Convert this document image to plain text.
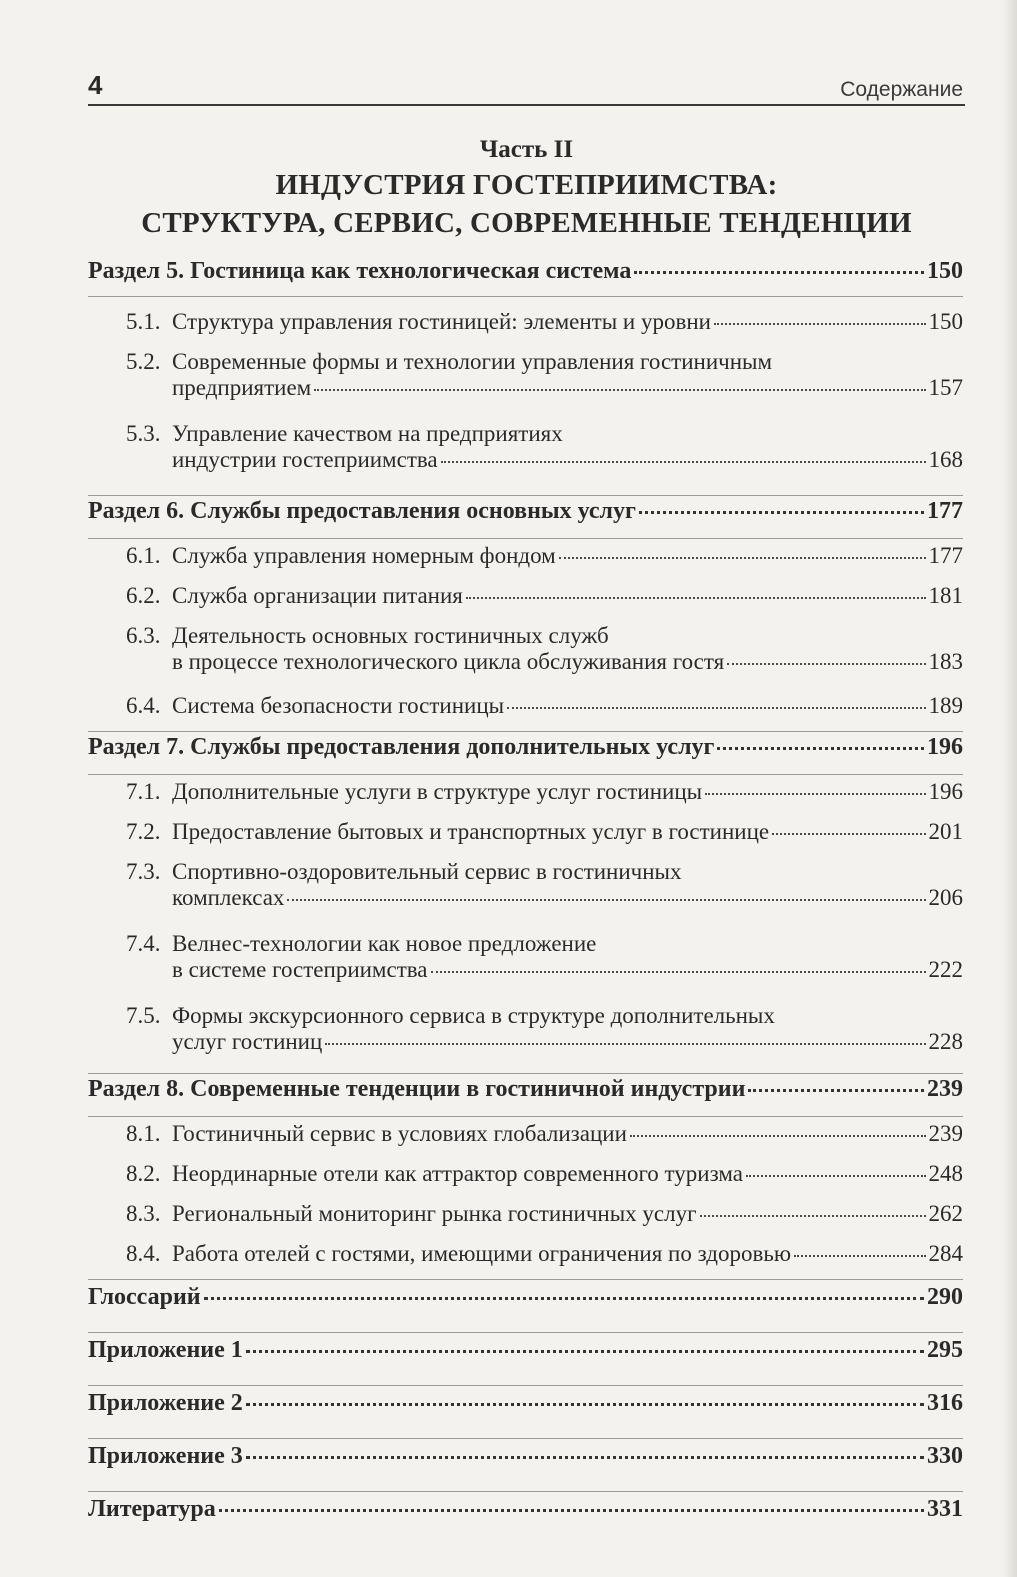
4	Содержание
Часть II
ИНДУСТРИЯ ГОСТЕПРИИМСТВА:
СТРУКТУРА, СЕРВИС, СОВРЕМЕННЫЕ ТЕНДЕНЦИИ
Раздел 5. Гостиница как технологическая система	150
5.1. Структура управления гостиницей: элементы и уровни	150
5.2. Современные формы и технологии управления гостиничным
предприятием	157
5.3. Управление качеством на предприятиях
индустрии гостеприимства	168
Раздел 6. Службы предоставления основных услуг	177
6.1. Служба управления номерным фондом	177
6.2. Служба организации питания	181
6.3. Деятельность основных гостиничных служб
в процессе технологического цикла обслуживания гостя	183
6.4. Система безопасности гостиницы	189
Раздел 7. Службы предоставления дополнительных услуг	196
7.1. Дополнительные услуги в структуре услуг гостиницы	196
7.2. Предоставление бытовых и транспортных услуг в гостинице	201
7.3. Спортивно-оздоровительный сервис в гостиничных
комплексах	206
7.4. Велнес-технологии как новое предложение
в системе гостеприимства	222
7.5. Формы экскурсионного сервиса в структуре дополнительных
услуг гостиниц	228
Раздел 8. Современные тенденции в гостиничной индустрии	239
8.1. Гостиничный сервис в условиях глобализации	239
8.2. Неординарные отели как аттрактор современного туризма	248
8.3. Региональный мониторинг рынка гостиничных услуг	262
8.4. Работа отелей с гостями, имеющими ограничения по здоровью	284
Глоссарий	290
Приложение 1	295
Приложение 2	316
Приложение 3	330
Литература	331
